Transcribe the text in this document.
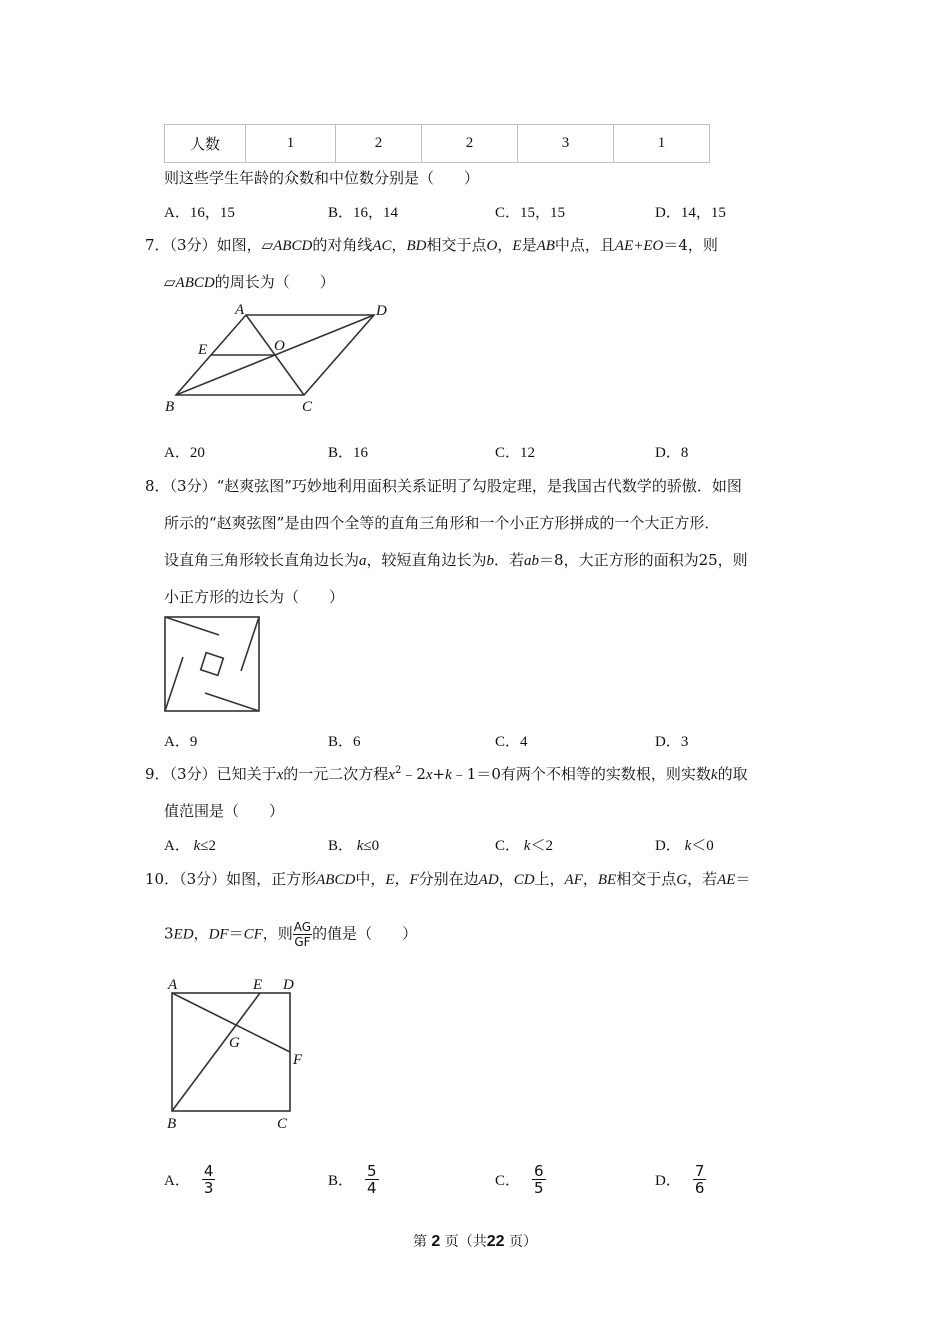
人数	1	2	2	3	1
则这些学生年龄的众数和中位数分别是（　　）
A．16，15	B．16，14	C．15，15	D．14，15
7．（3分）如图，▱ABCD的对角线AC，BD相交于点O，E是AB中点，且AE+EO＝4，则
▱ABCD的周长为（　　）
A	D
E	O
B	C
A．20	B．16	C．12	D．8
8．（3分）“赵爽弦图”巧妙地利用面积关系证明了勾股定理，是我国古代数学的骄傲．如图
所示的“赵爽弦图”是由四个全等的直角三角形和一个小正方形拼成的一个大正方形．
设直角三角形较长直角边长为a，较短直角边长为b．若ab＝8，大正方形的面积为25，则
小正方形的边长为（　　）
A．9	B．6	C．4	D．3
9．（3分）已知关于x的一元二次方程$x^2﹣2x+k﹣1=0$有两个不相等的实数根，则实数k的取
值范围是（　　）
A． k≤2	B． k≤0	C． k＜2	D． k＜0
10．（3分）如图，正方形ABCD中，E，F分别在边AD，CD上，AF，BE相交于点G，若AE＝
3ED，DF＝CF，则 $\frac{AG}{GF}$ 的值是（　　）
A	E D
G
F
B	C
A． $\frac{4}{3}$	B． $\frac{5}{4}$	C． $\frac{6}{5}$	D． $\frac{7}{6}$
第 2 页（共22 页）
